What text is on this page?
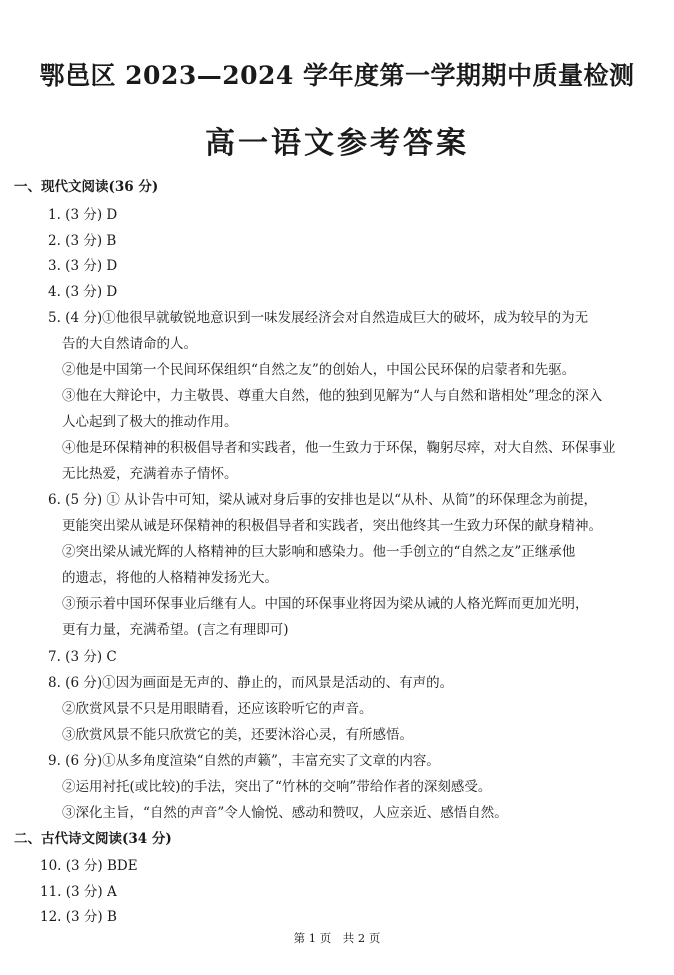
鄂邑区 2023—2024 学年度第一学期期中质量检测
高一语文参考答案
一、现代文阅读(36 分)
1. (3 分) D
2. (3 分) B
3. (3 分) D
4. (3 分) D
5. (4 分)①他很早就敏锐地意识到一味发展经济会对自然造成巨大的破坏，成为较早的为无
告的大自然请命的人。
②他是中国第一个民间环保组织“自然之友”的创始人，中国公民环保的启蒙者和先驱。
③他在大辩论中，力主敬畏、尊重大自然，他的独到见解为“人与自然和谐相处”理念的深入
人心起到了极大的推动作用。
④他是环保精神的积极倡导者和实践者，他一生致力于环保，鞠躬尽瘁，对大自然、环保事业
无比热爱，充满着赤子情怀。
6. (5 分) ① 从讣告中可知，梁从诫对身后事的安排也是以“从朴、从简”的环保理念为前提，
更能突出梁从诫是环保精神的积极倡导者和实践者，突出他终其一生致力环保的献身精神。
②突出梁从诫光辉的人格精神的巨大影响和感染力。他一手创立的“自然之友”正继承他
的遗志，将他的人格精神发扬光大。
③预示着中国环保事业后继有人。中国的环保事业将因为梁从诫的人格光辉而更加光明，
更有力量，充满希望。(言之有理即可)
7. (3 分) C
8. (6 分)①因为画面是无声的、静止的，而风景是活动的、有声的。
②欣赏风景不只是用眼睛看，还应该聆听它的声音。
③欣赏风景不能只欣赏它的美，还要沐浴心灵，有所感悟。
9. (6 分)①从多角度渲染“自然的声籁”，丰富充实了文章的内容。
②运用衬托(或比较)的手法，突出了“竹林的交响”带给作者的深刻感受。
③深化主旨，“自然的声音”令人愉悦、感动和赞叹，人应亲近、感悟自然。
二、古代诗文阅读(34 分)
10. (3 分) BDE
11. (3 分) A
12. (3 分) B
第 1 页　共 2 页
